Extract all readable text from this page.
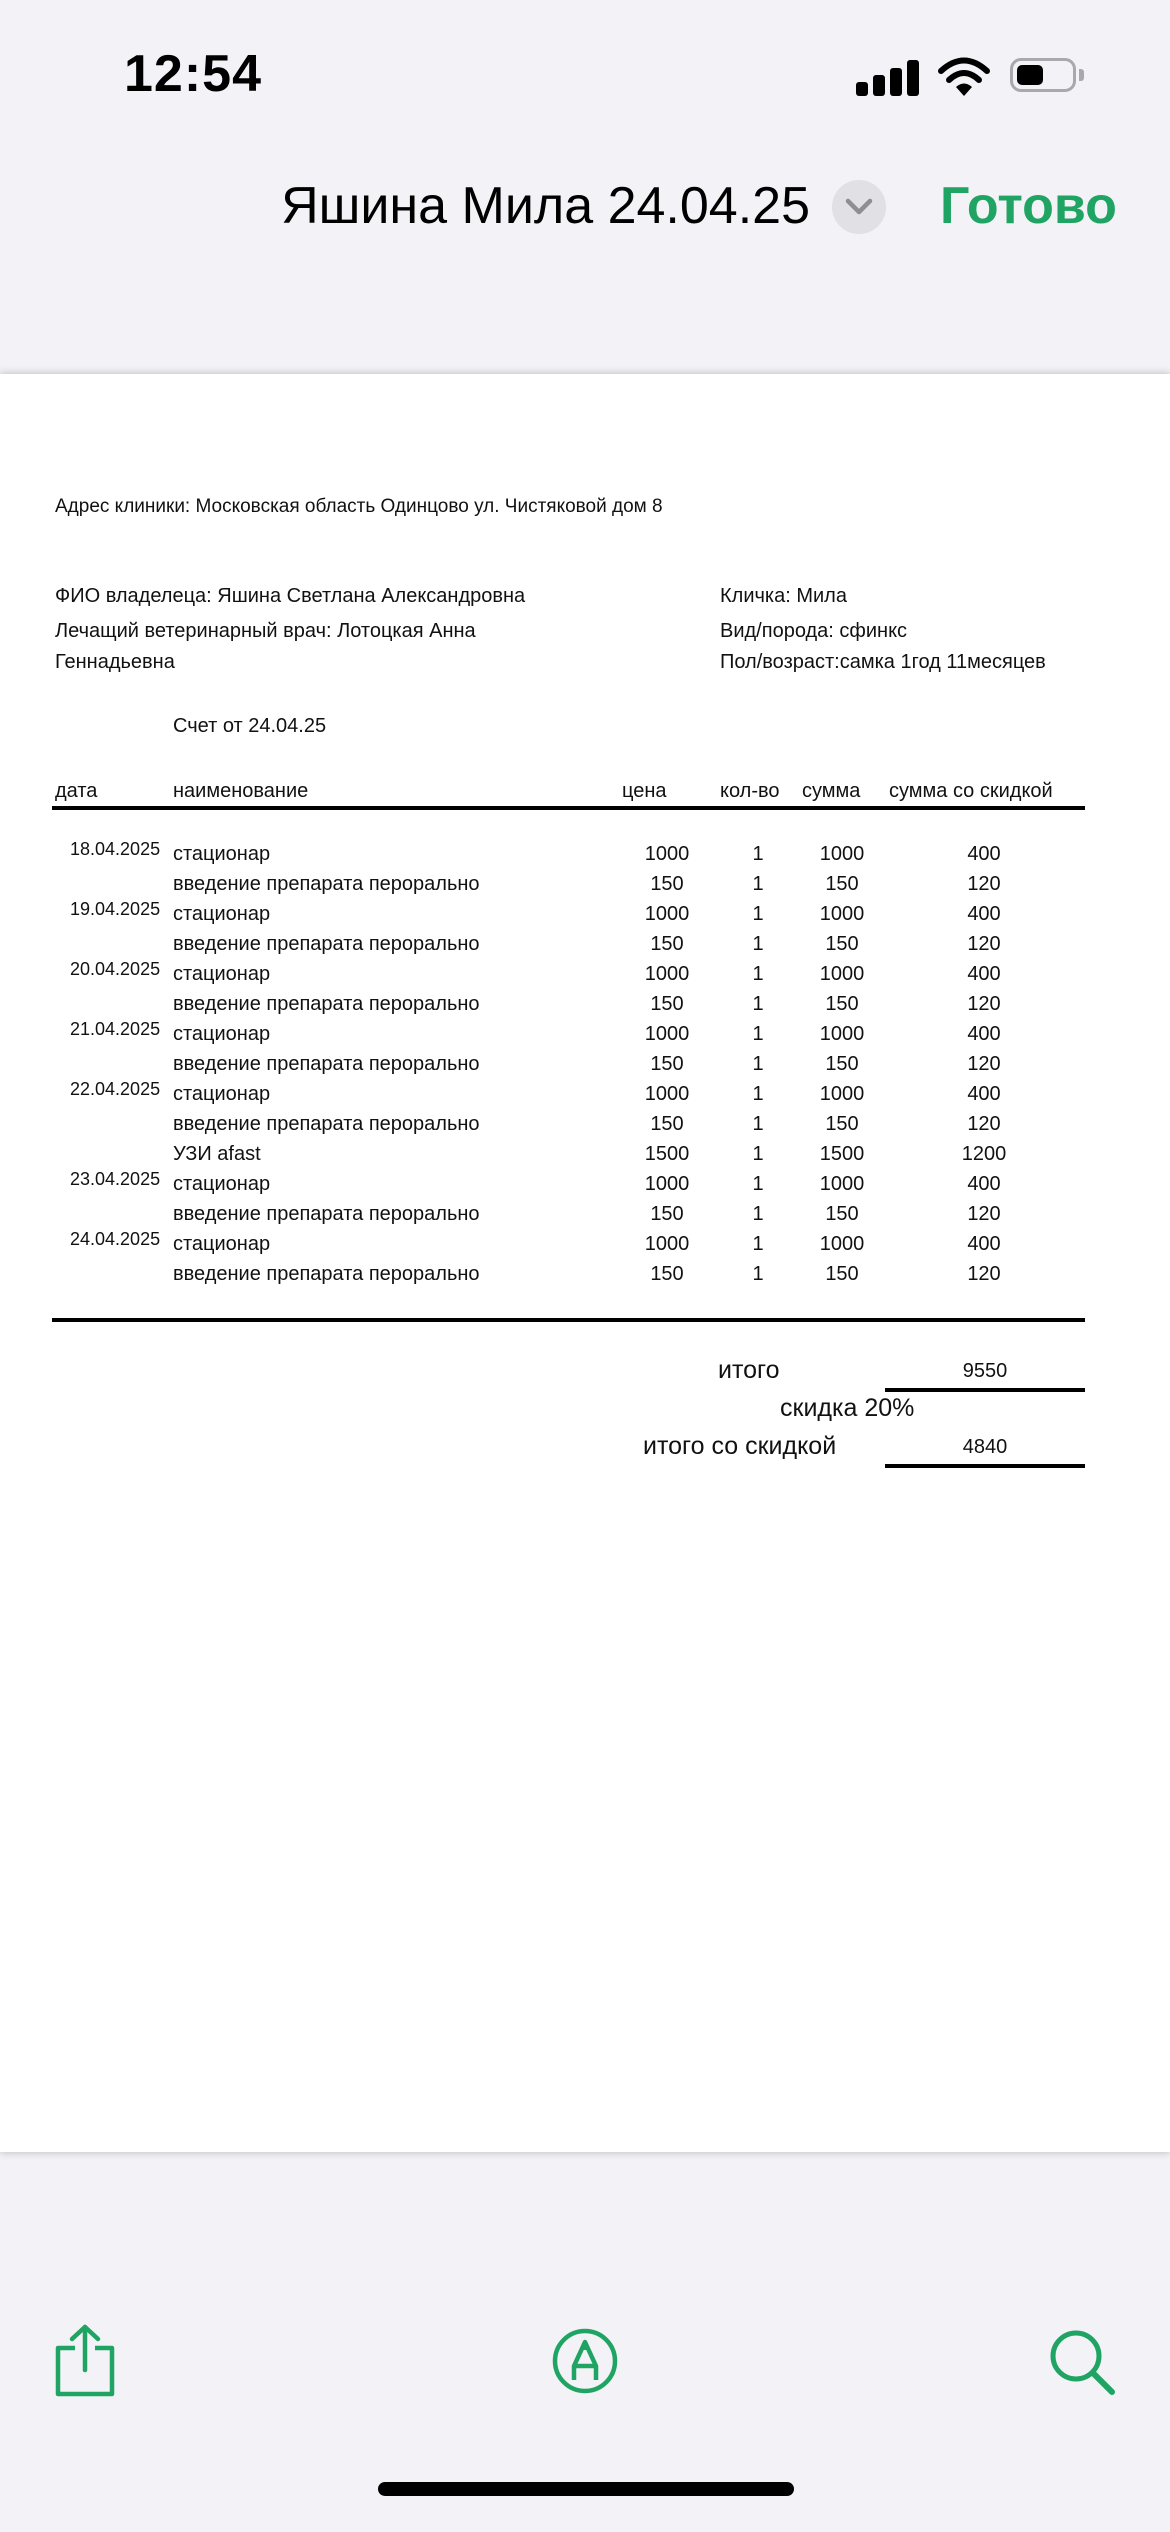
12:54
Яшина Мила 24.04.25	Готово
Адрес клиники: Московская область Одинцово ул. Чистяковой дом 8
ФИО владелеца: Яшина Светлана Александровна
Лечащий ветеринарный врач: Лотоцкая Анна
Геннадьевна
Кличка: Мила
Вид/порода: сфинкс
Пол/возраст:самка 1год 11месяцев
Счет от 24.04.25
дата	наименование	цена	кол-во сумма сумма со скидкой
18.04.2025 стационар	1000	1	1000	400
введение препарата перорально	150	1	150	120
19.04.2025 стационар	1000	1	1000	400
введение препарата перорально	150	1	150	120
20.04.2025 стационар	1000	1	1000	400
введение препарата перорально	150	1	150	120
21.04.2025 стационар	1000	1	1000	400
введение препарата перорально	150	1	150	120
22.04.2025 стационар	1000	1	1000	400
введение препарата перорально	150	1	150	120
УЗИ afast	1500	1	1500	1200
23.04.2025 стационар	1000	1	1000	400
введение препарата перорально	150	1	150	120
24.04.2025 стационар	1000	1	1000	400
введение препарата перорально	150	1	150	120
итого	9550
скидка 20%
итого со скидкой	4840
